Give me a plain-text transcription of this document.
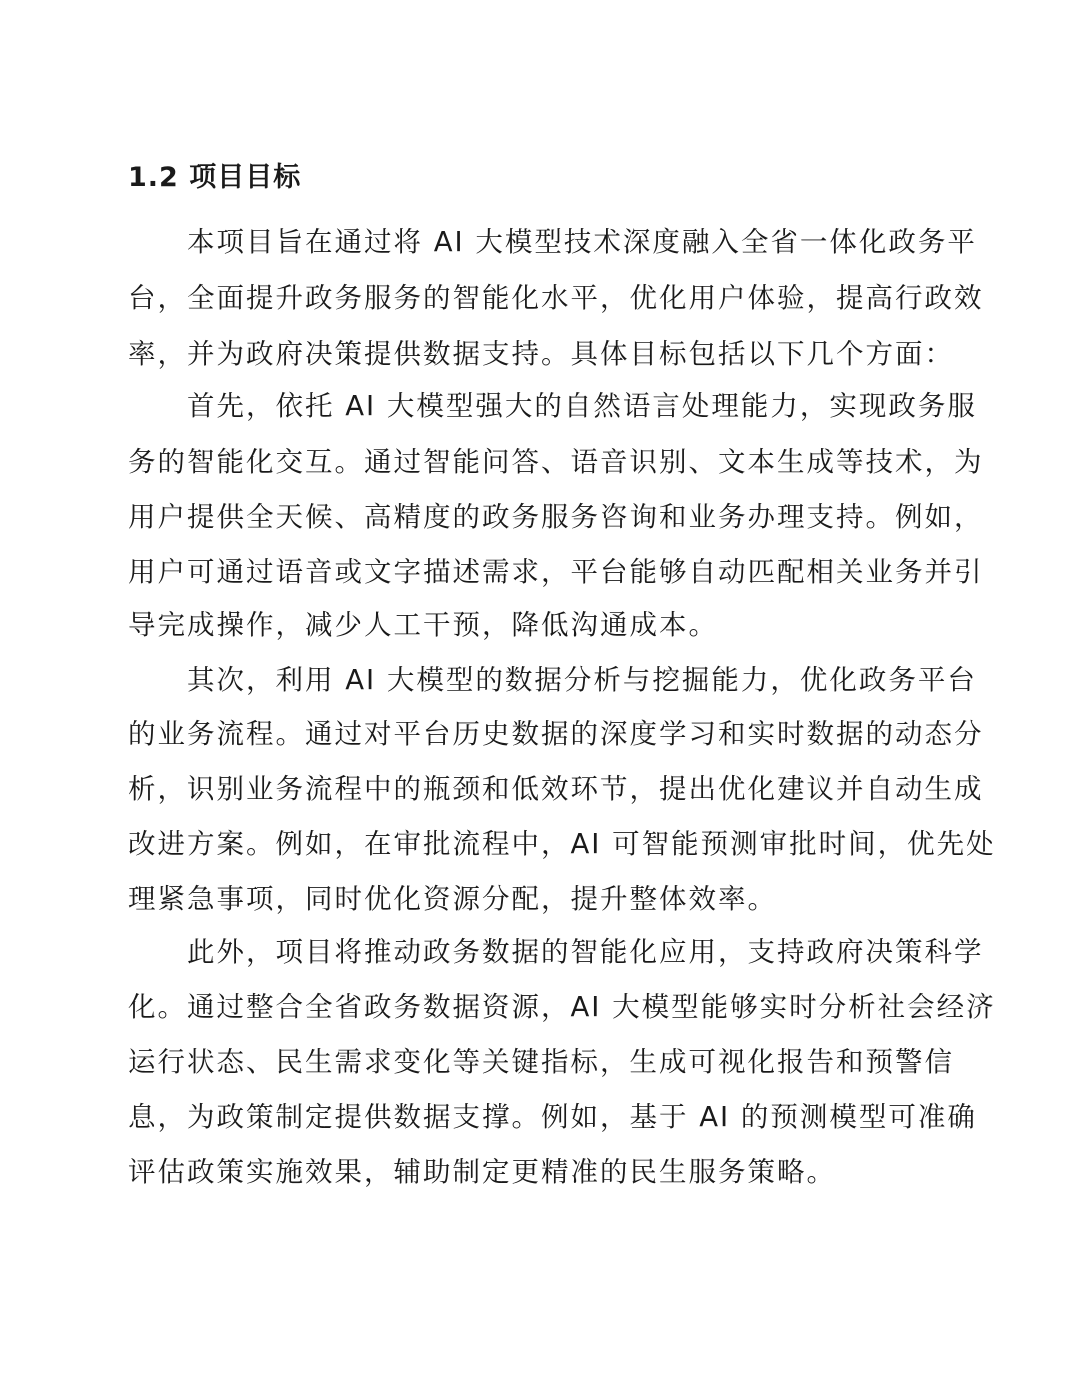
1.2 项目目标
　　本项目旨在通过将 AI 大模型技术深度融入全省一体化政务平
台，全面提升政务服务的智能化水平，优化用户体验，提高行政效
率，并为政府决策提供数据支持。具体目标包括以下几个方面：
　　首先，依托 AI 大模型强大的自然语言处理能力，实现政务服
务的智能化交互。通过智能问答、语音识别、文本生成等技术，为
用户提供全天候、高精度的政务服务咨询和业务办理支持。例如，
用户可通过语音或文字描述需求，平台能够自动匹配相关业务并引
导完成操作，减少人工干预，降低沟通成本。
　　其次，利用 AI 大模型的数据分析与挖掘能力，优化政务平台
的业务流程。通过对平台历史数据的深度学习和实时数据的动态分
析，识别业务流程中的瓶颈和低效环节，提出优化建议并自动生成
改进方案。例如，在审批流程中，AI 可智能预测审批时间，优先处
理紧急事项，同时优化资源分配，提升整体效率。
　　此外，项目将推动政务数据的智能化应用，支持政府决策科学
化。通过整合全省政务数据资源，AI 大模型能够实时分析社会经济
运行状态、民生需求变化等关键指标，生成可视化报告和预警信
息，为政策制定提供数据支撑。例如，基于 AI 的预测模型可准确
评估政策实施效果，辅助制定更精准的民生服务策略。
